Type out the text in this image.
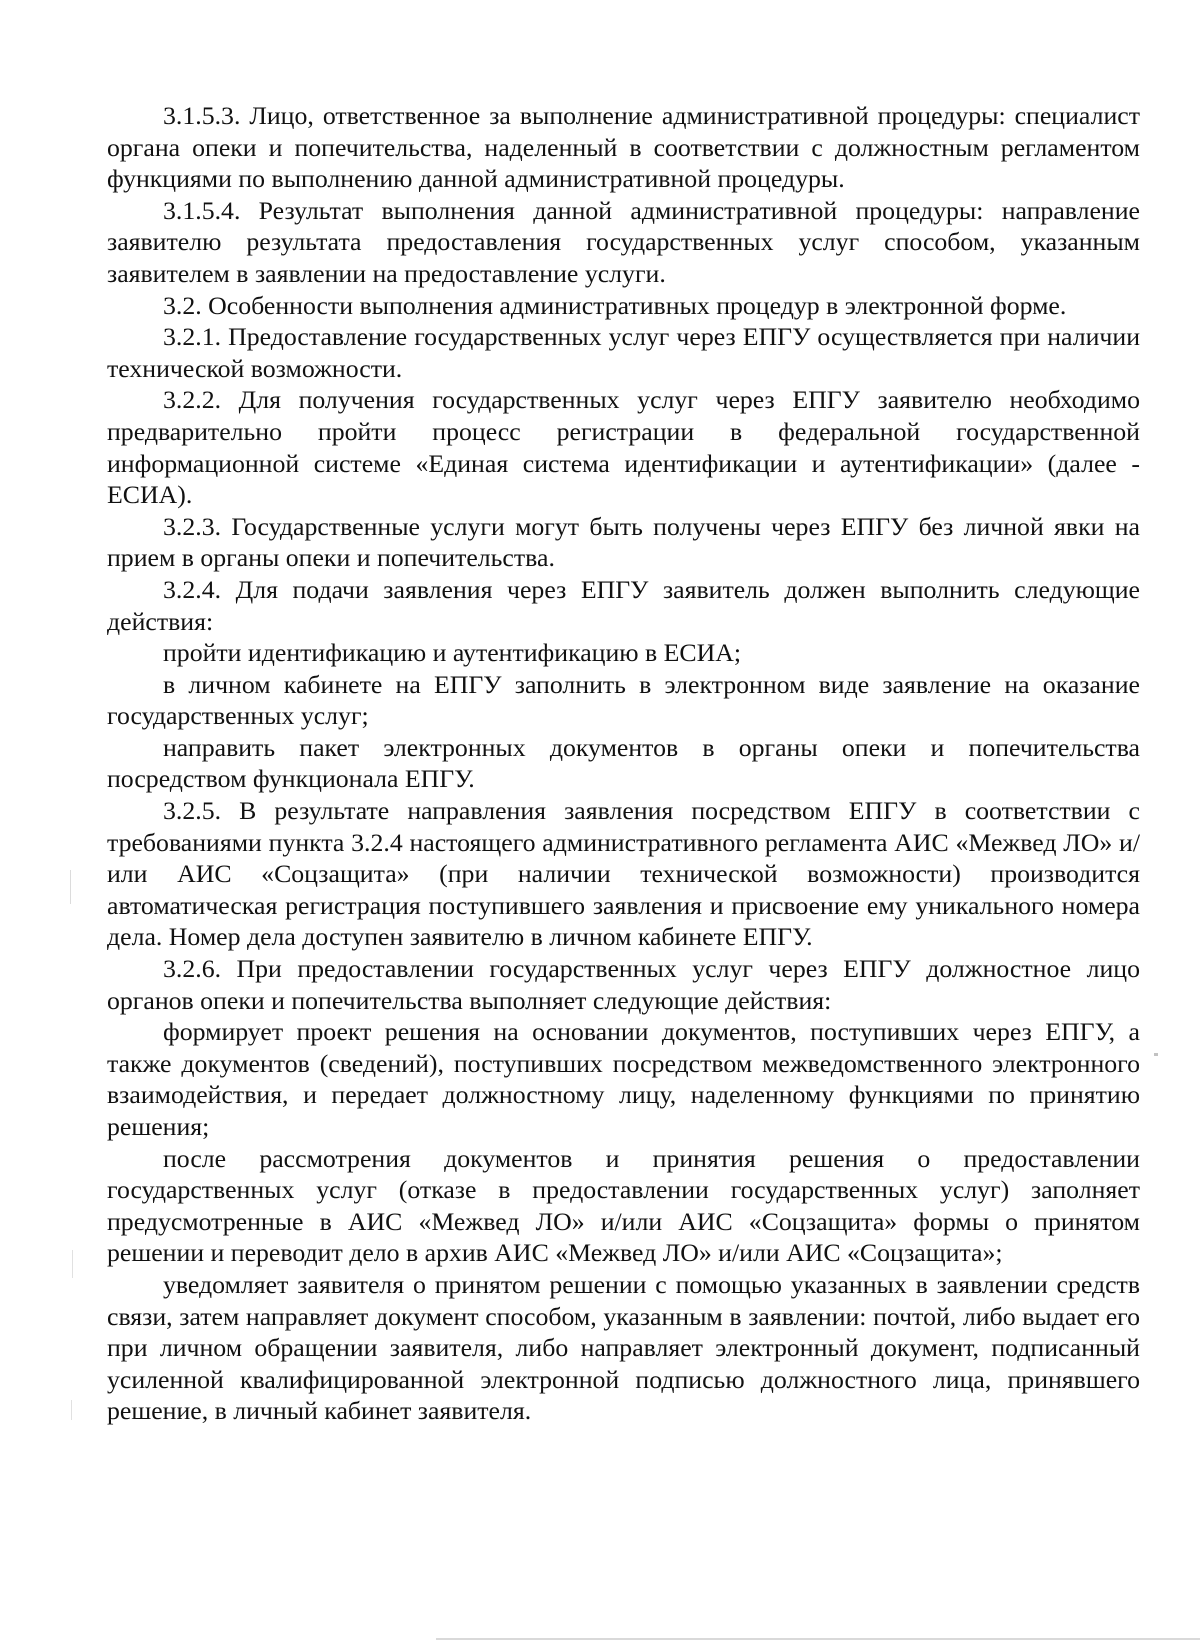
3.1.5.3. Лицо, ответственное за выполнение административной процедуры: специалист органа опеки и попечительства, наделенный в соответствии с должностным регламентом функциями по выполнению данной административной процедуры.

3.1.5.4. Результат выполнения данной административной процедуры: направление заявителю результата предоставления государственных услуг способом, указанным заявителем в заявлении на предоставление услуги.

3.2. Особенности выполнения административных процедур в электронной форме.

3.2.1. Предоставление государственных услуг через ЕПГУ осуществляется при наличии технической возможности.

3.2.2. Для получения государственных услуг через ЕПГУ заявителю необходимо предварительно пройти процесс регистрации в федеральной государственной информационной системе «Единая система идентификации и аутентификации» (далее - ЕСИА).

3.2.3. Государственные услуги могут быть получены через ЕПГУ без личной явки на прием в органы опеки и попечительства.

3.2.4. Для подачи заявления через ЕПГУ заявитель должен выполнить следующие действия:

пройти идентификацию и аутентификацию в ЕСИА;

в личном кабинете на ЕПГУ заполнить в электронном виде заявление на оказание государственных услуг;

направить пакет электронных документов в органы опеки и попечительства посредством функционала ЕПГУ.

3.2.5. В результате направления заявления посредством ЕПГУ в соответствии с требованиями пункта 3.2.4 настоящего административного регламента АИС «Межвед ЛО» и/или АИС «Соцзащита» (при наличии технической возможности) производится автоматическая регистрация поступившего заявления и присвоение ему уникального номера дела. Номер дела доступен заявителю в личном кабинете ЕПГУ.

3.2.6. При предоставлении государственных услуг через ЕПГУ должностное лицо органов опеки и попечительства выполняет следующие действия:

формирует проект решения на основании документов, поступивших через ЕПГУ, а также документов (сведений), поступивших посредством межведомственного электронного взаимодействия, и передает должностному лицу, наделенному функциями по принятию решения;

после рассмотрения документов и принятия решения о предоставлении государственных услуг (отказе в предоставлении государственных услуг) заполняет предусмотренные в АИС «Межвед ЛО» и/или АИС «Соцзащита» формы о принятом решении и переводит дело в архив АИС «Межвед ЛО» и/или АИС «Соцзащита»;

уведомляет заявителя о принятом решении с помощью указанных в заявлении средств связи, затем направляет документ способом, указанным в заявлении: почтой, либо выдает его при личном обращении заявителя, либо направляет электронный документ, подписанный усиленной квалифицированной электронной подписью должностного лица, принявшего решение, в личный кабинет заявителя.
